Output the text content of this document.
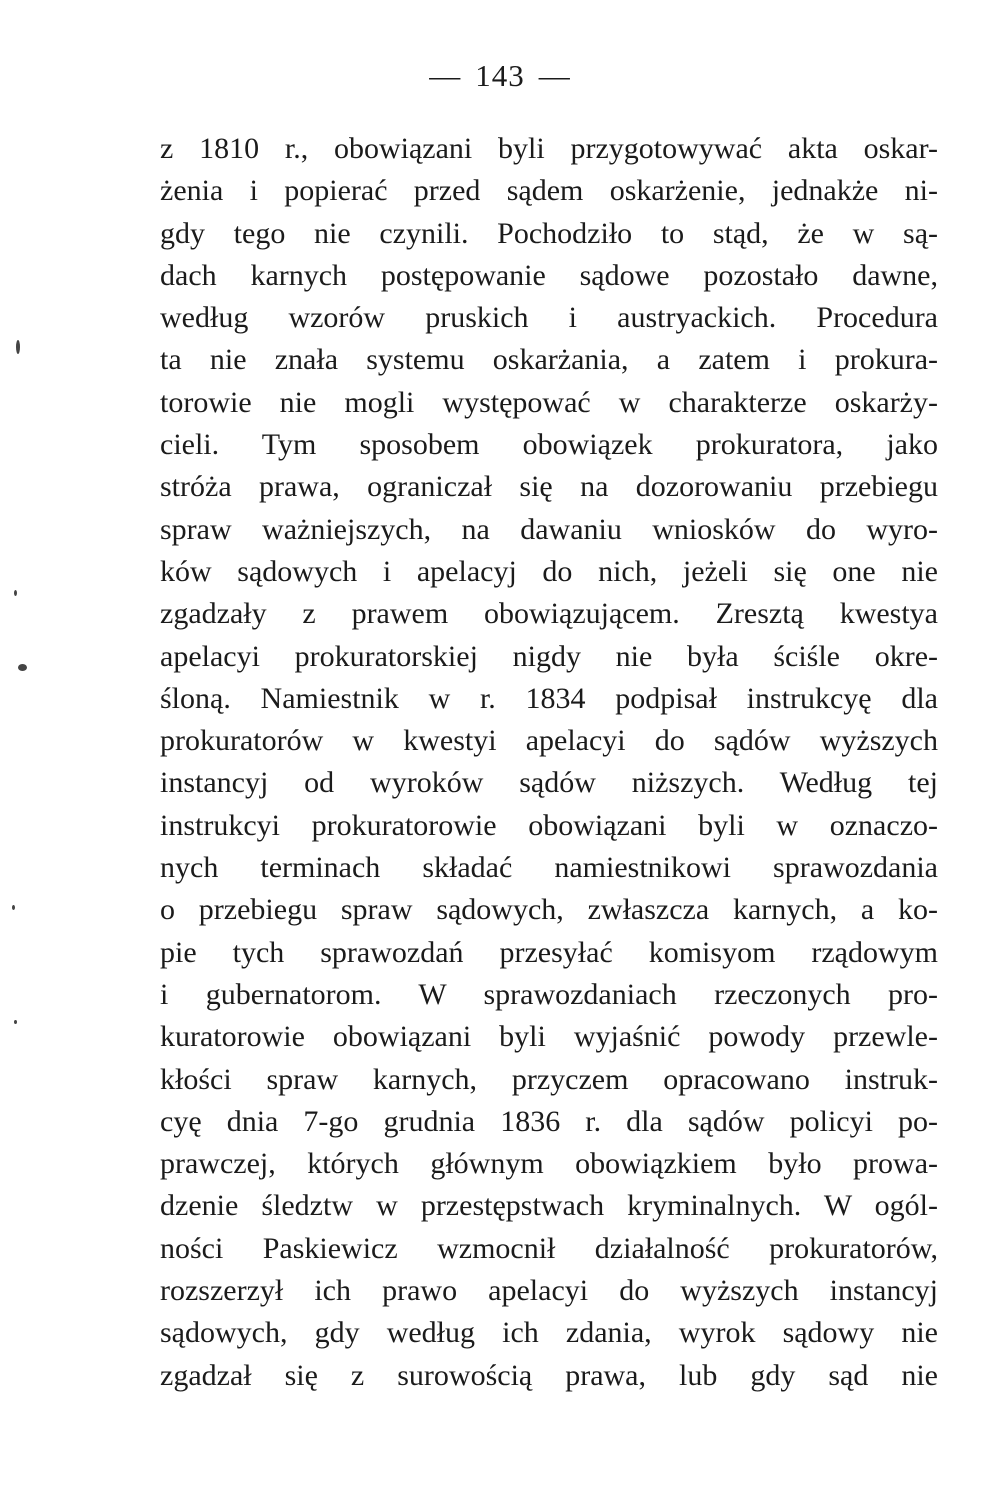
— 143 —
z 1810 r., obowiązani byli przygotowywać akta oskar-
żenia i popierać przed sądem oskarżenie, jednakże ni-
gdy tego nie czynili. Pochodziło to stąd, że w są-
dach karnych postępowanie sądowe pozostało dawne,
według wzorów pruskich i austryackich. Procedura
ta nie znała systemu oskarżania, a zatem i prokura-
torowie nie mogli występować w charakterze oskarży-
cieli. Tym sposobem obowiązek prokuratora, jako
stróża prawa, ograniczał się na dozorowaniu przebiegu
spraw ważniejszych, na dawaniu wniosków do wyro-
ków sądowych i apelacyj do nich, jeżeli się one nie
zgadzały z prawem obowiązującem. Zresztą kwestya
apelacyi prokuratorskiej nigdy nie była ściśle okre-
śloną. Namiestnik w r. 1834 podpisał instrukcyę dla
prokuratorów w kwestyi apelacyi do sądów wyższych
instancyj od wyroków sądów niższych. Według tej
instrukcyi prokuratorowie obowiązani byli w oznaczo-
nych terminach składać namiestnikowi sprawozdania
o przebiegu spraw sądowych, zwłaszcza karnych, a ko-
pie tych sprawozdań przesyłać komisyom rządowym
i gubernatorom. W sprawozdaniach rzeczonych pro-
kuratorowie obowiązani byli wyjaśnić powody przewle-
kłości spraw karnych, przyczem opracowano instruk-
cyę dnia 7-go grudnia 1836 r. dla sądów policyi po-
prawczej, których głównym obowiązkiem było prowa-
dzenie śledztw w przestępstwach kryminalnych. W ogól-
ności Paskiewicz wzmocnił działalność prokuratorów,
rozszerzył ich prawo apelacyi do wyższych instancyj
sądowych, gdy według ich zdania, wyrok sądowy nie
zgadzał się z surowością prawa, lub gdy sąd nie
